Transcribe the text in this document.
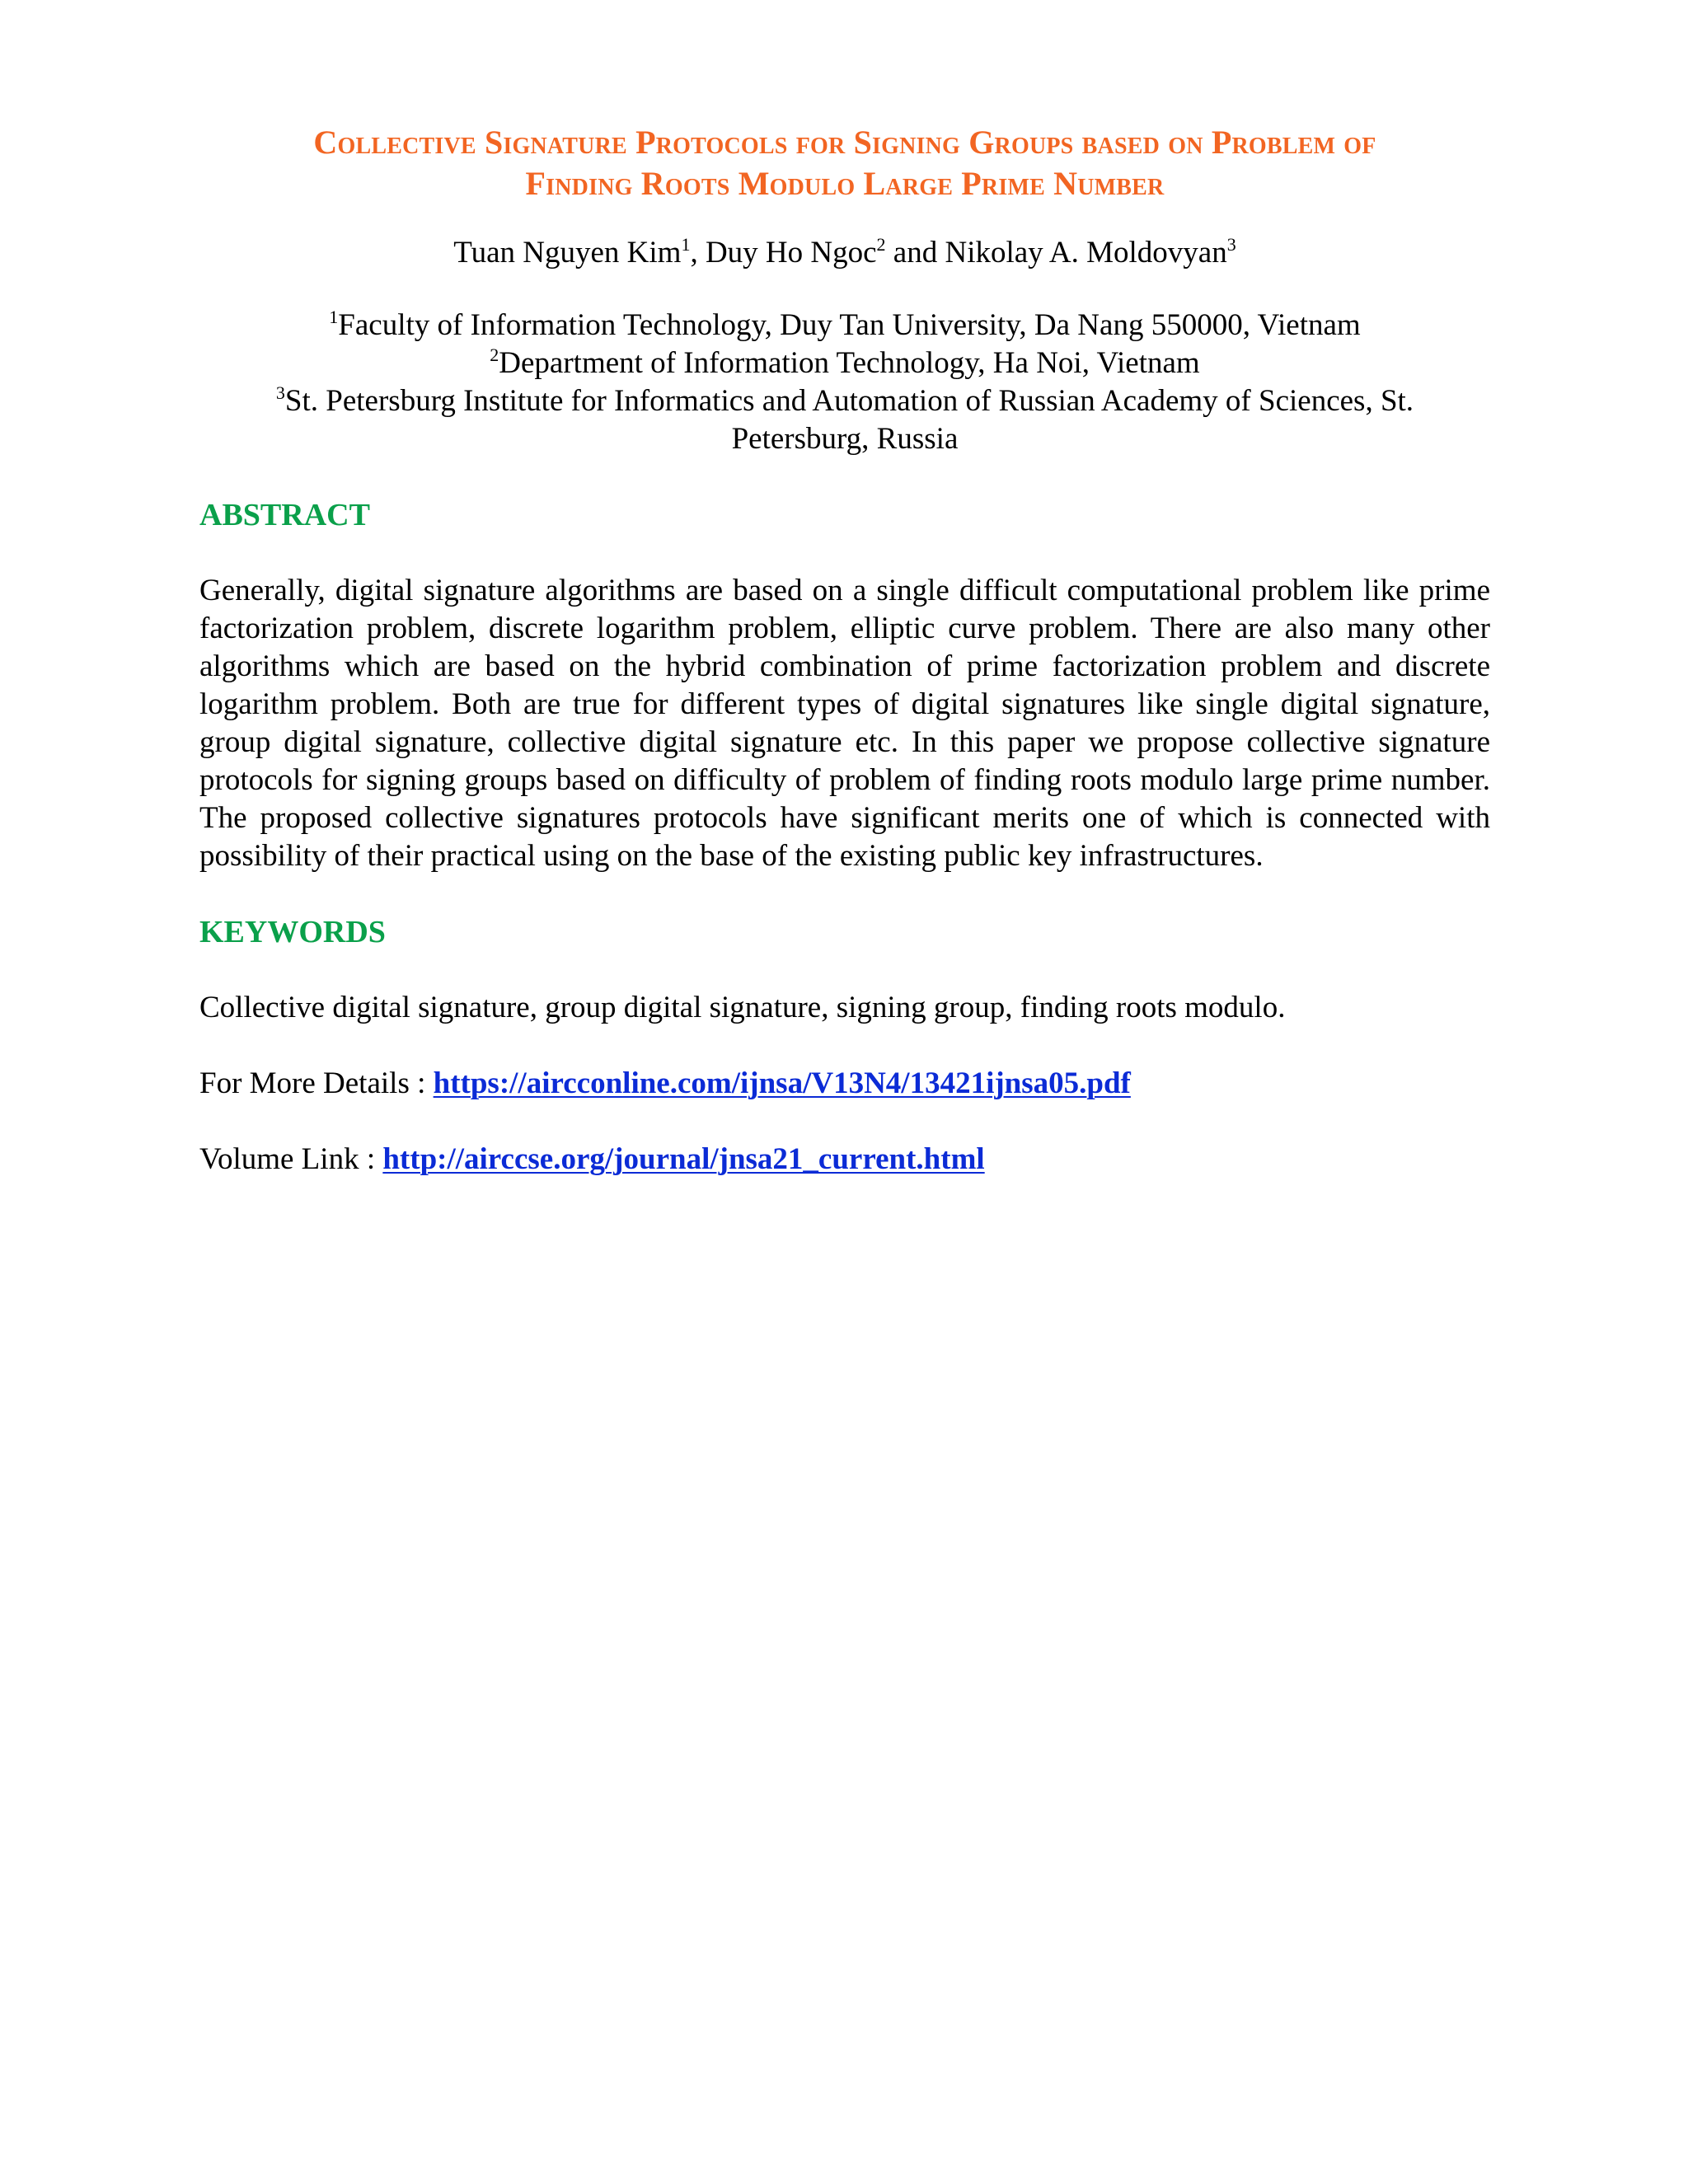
Collective Signature Protocols for Signing Groups based on Problem of
Finding Roots Modulo Large Prime Number
Tuan Nguyen Kim$^1$, Duy Ho Ngoc$^2$ and Nikolay A. Moldovyan$^3$
$^1$Faculty of Information Technology, Duy Tan University, Da Nang 550000, Vietnam
$^2$Department of Information Technology, Ha Noi, Vietnam
$^3$St. Petersburg Institute for Informatics and Automation of Russian Academy of Sciences, St. Petersburg, Russia
ABSTRACT
Generally, digital signature algorithms are based on a single difficult computational problem like prime factorization problem, discrete logarithm problem, elliptic curve problem. There are also many other algorithms which are based on the hybrid combination of prime factorization problem and discrete logarithm problem. Both are true for different types of digital signatures like single digital signature, group digital signature, collective digital signature etc. In this paper we propose collective signature protocols for signing groups based on difficulty of problem of finding roots modulo large prime number. The proposed collective signatures protocols have significant merits one of which is connected with possibility of their practical using on the base of the existing public key infrastructures.
KEYWORDS
Collective digital signature, group digital signature, signing group, finding roots modulo.
For More Details : https://aircconline.com/ijnsa/V13N4/13421ijnsa05.pdf
Volume Link : http://airccse.org/journal/jnsa21_current.html
